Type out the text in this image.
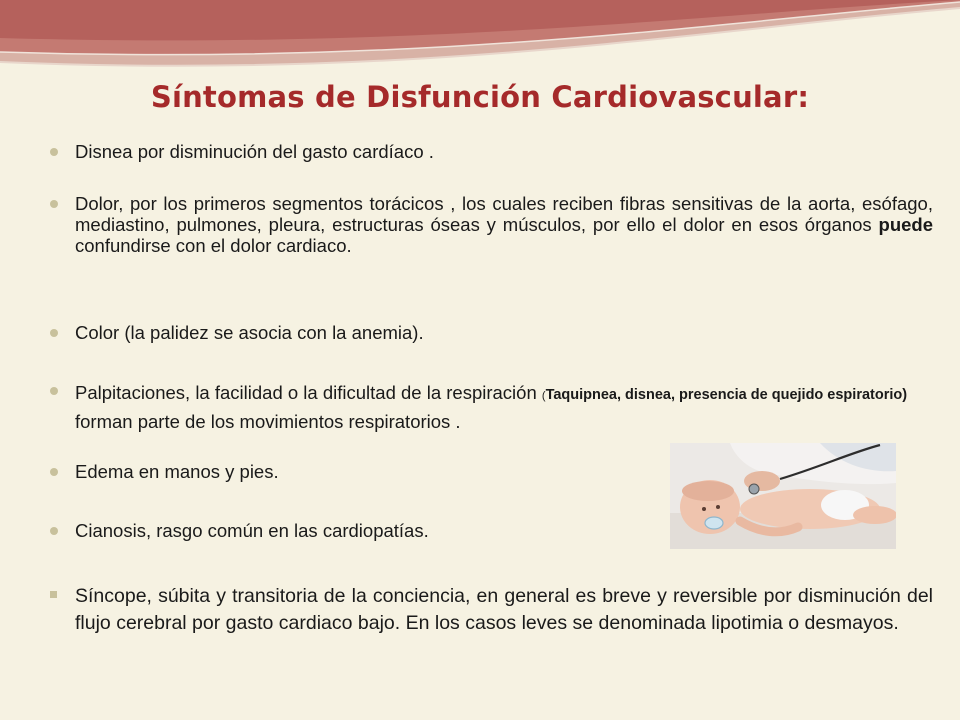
Síntomas de Disfunción Cardiovascular:
Disnea por disminución del gasto cardíaco .
Dolor, por los primeros segmentos torácicos , los cuales reciben fibras sensitivas de la aorta, esófago, mediastino, pulmones, pleura, estructuras óseas y músculos, por ello el dolor en esos órganos puede confundirse con el dolor cardiaco.
Color (la palidez se asocia con la anemia).
Palpitaciones, la facilidad o la dificultad de la respiración (Taquipnea, disnea, presencia de quejido espiratorio) forman parte de los movimientos respiratorios .
Edema en manos y pies.
Cianosis, rasgo común en las cardiopatías.
Síncope, súbita y transitoria de la conciencia, en general es breve y reversible por disminución del flujo cerebral por gasto cardiaco bajo. En los casos leves se denominada lipotimia o desmayos.
